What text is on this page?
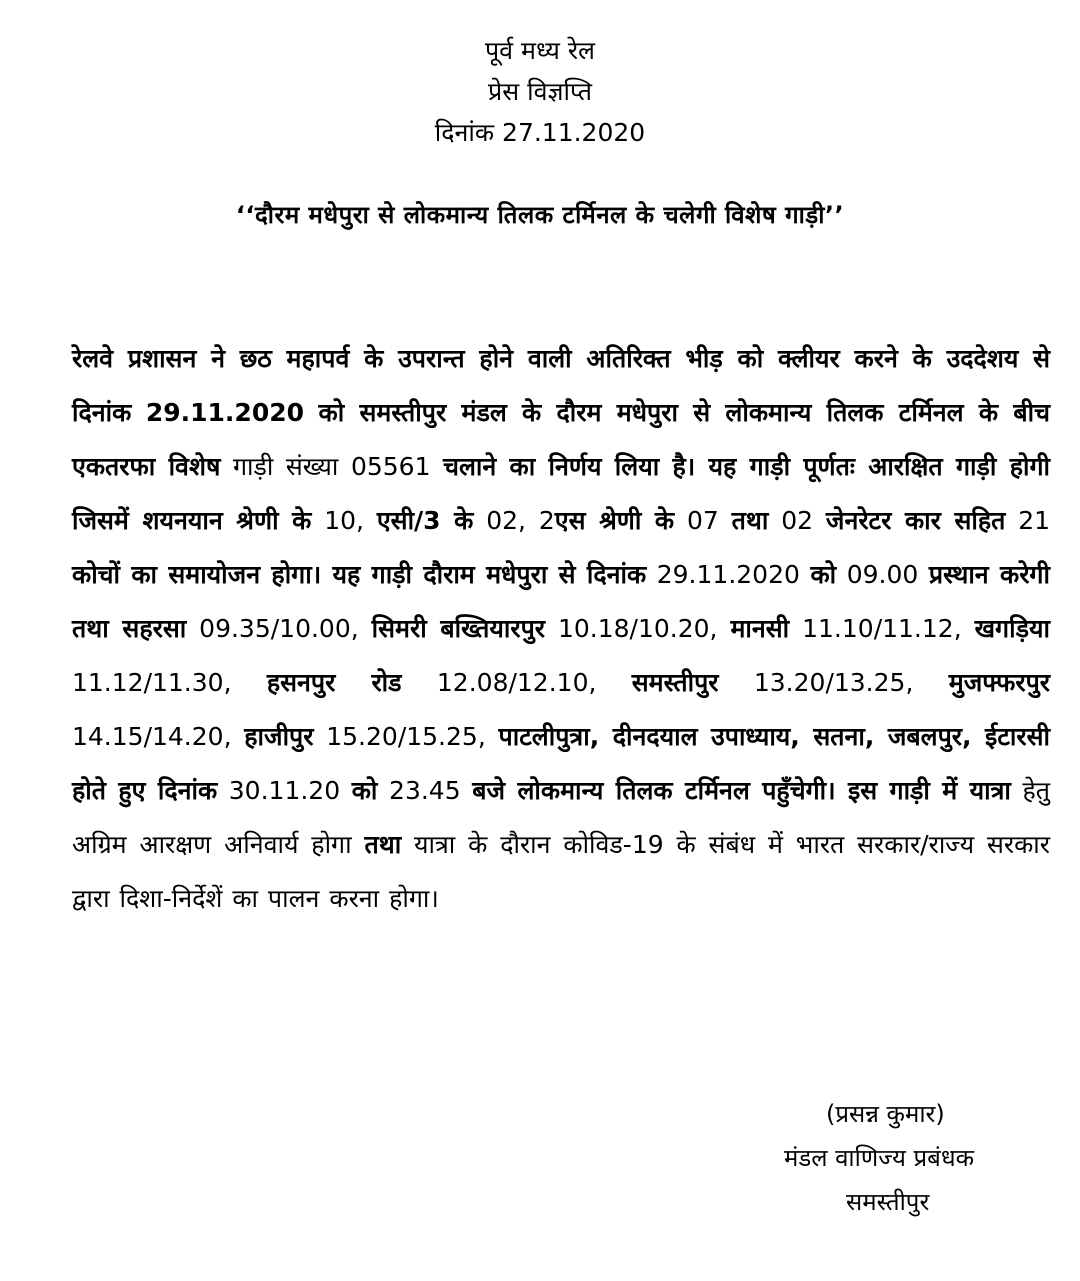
पूर्व मध्य रेल
प्रेस विज्ञप्ति
दिनांक 27.11.2020
‘‘दौरम मधेपुरा से लोकमान्य तिलक टर्मिनल के चलेगी विशेष गाड़ी’’
रेलवे प्रशासन ने छठ महापर्व के उपरान्त होने वाली अतिरिक्त भीड़ को क्लीयर करने के उददेशय से दिनांक 29.11.2020 को समस्तीपुर मंडल के दौरम मधेपुरा से लोकमान्य तिलक टर्मिनल के बीच एकतरफा विशेष गाड़ी संख्या 05561 चलाने का निर्णय लिया है। यह गाड़ी पूर्णतः आरक्षित गाड़ी होगी जिसमें शयनयान श्रेणी के 10, एसी/3 के 02, 2एस श्रेणी के 07 तथा 02 जेनरेटर कार सहित 21 कोचों का समायोजन होगा। यह गाड़ी दौराम मधेपुरा से दिनांक 29.11.2020 को 09.00 प्रस्थान करेगी तथा सहरसा 09.35/10.00, सिमरी बख्तियारपुर 10.18/10.20, मानसी 11.10/11.12, खगड़िया 11.12/11.30, हसनपुर रोड 12.08/12.10, समस्तीपुर 13.20/13.25, मुजफ्फरपुर 14.15/14.20, हाजीपुर 15.20/15.25, पाटलीपुत्रा, दीनदयाल उपाध्याय, सतना, जबलपुर, ईटारसी होते हुए दिनांक 30.11.20 को 23.45 बजे लोकमान्य तिलक टर्मिनल पहुँचेगी। इस गाड़ी में यात्रा हेतु अग्रिम आरक्षण अनिवार्य होगा तथा यात्रा के दौरान कोविड-19 के संबंध में भारत सरकार/राज्य सरकार द्वारा दिशा-निर्देशें का पालन करना होगा।
(प्रसन्न कुमार)
मंडल वाणिज्य प्रबंधक
समस्तीपुर
